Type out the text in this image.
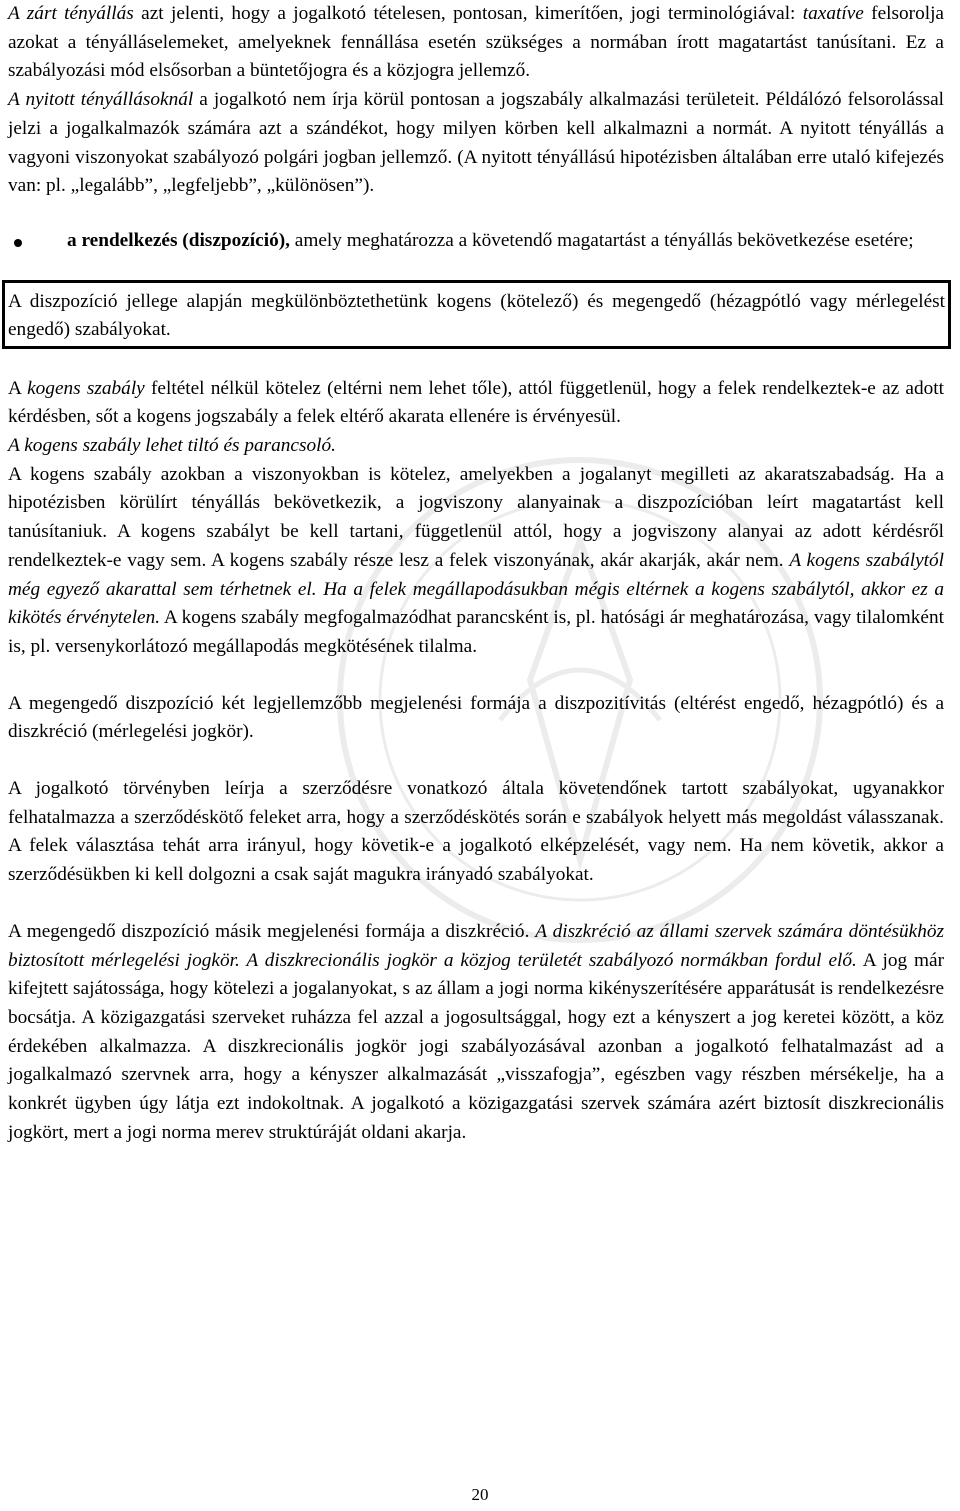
A zárt tényállás azt jelenti, hogy a jogalkotó tételesen, pontosan, kimerítően, jogi terminológiával: taxatíve felsorolja azokat a tényálláselemeket, amelyeknek fennállása esetén szükséges a normában írott magatartást tanúsítani. Ez a szabályozási mód elsősorban a büntetőjogra és a közjogra jellemző.

A nyitott tényállásoknál a jogalkotó nem írja körül pontosan a jogszabály alkalmazási területeit. Példálózó felsorolással jelzi a jogalkalmazók számára azt a szándékot, hogy milyen körben kell alkalmazni a normát. A nyitott tényállás a vagyoni viszonyokat szabályozó polgári jogban jellemző. (A nyitott tényállású hipotézisben általában erre utaló kifejezés van: pl. „legalább”, „legfeljebb”, „különösen”).

a rendelkezés (diszpozíció), amely meghatározza a követendő magatartást a tényállás bekövetkezése esetére;

A diszpozíció jellege alapján megkülönböztethetünk kogens (kötelező) és megengedő (hézagpótló vagy mérlegelést engedő) szabályokat.

A kogens szabály feltétel nélkül kötelez (eltérni nem lehet tőle), attól függetlenül, hogy a felek rendelkeztek-e az adott kérdésben, sőt a kogens jogszabály a felek eltérő akarata ellenére is érvényesül.

A kogens szabály lehet tiltó és parancsoló.

A kogens szabály azokban a viszonyokban is kötelez, amelyekben a jogalanyt megilleti az akaratszabadság. Ha a hipotézisben körülírt tényállás bekövetkezik, a jogviszony alanyainak a diszpozícióban leírt magatartást kell tanúsítaniuk. A kogens szabályt be kell tartani, függetlenül attól, hogy a jogviszony alanyai az adott kérdésről rendelkeztek-e vagy sem. A kogens szabály része lesz a felek viszonyának, akár akarják, akár nem. A kogens szabálytól még egyező akarattal sem térhetnek el. Ha a felek megállapodásukban mégis eltérnek a kogens szabálytól, akkor ez a kikötés érvénytelen. A kogens szabály megfogalmazódhat parancsként is, pl. hatósági ár meghatározása, vagy tilalomként is, pl. versenykorlátozó megállapodás megkötésének tilalma.

A megengedő diszpozíció két legjellemzőbb megjelenési formája a diszpozitívitás (eltérést engedő, hézagpótló) és a diszkréció (mérlegelési jogkör).

A jogalkotó törvényben leírja a szerződésre vonatkozó általa követendőnek tartott szabályokat, ugyanakkor felhatalmazza a szerződéskötő feleket arra, hogy a szerződéskötés során e szabályok helyett más megoldást válasszanak. A felek választása tehát arra irányul, hogy követik-e a jogalkotó elképzelését, vagy nem. Ha nem követik, akkor a szerződésükben ki kell dolgozni a csak saját magukra irányadó szabályokat.

A megengedő diszpozíció másik megjelenési formája a diszkréció. A diszkréció az állami szervek számára döntésükhöz biztosított mérlegelési jogkör. A diszkrecionális jogkör a közjog területét szabályozó normákban fordul elő. A jog már kifejtett sajátossága, hogy kötelezi a jogalanyokat, s az állam a jogi norma kikényszerítésére apparátusát is rendelkezésre bocsátja. A közigazgatási szerveket ruházza fel azzal a jogosultsággal, hogy ezt a kényszert a jog keretei között, a köz érdekében alkalmazza. A diszkrecionális jogkör jogi szabályozásával azonban a jogalkotó felhatalmazást ad a jogalkalmazó szervnek arra, hogy a kényszer alkalmazását „visszafogja”, egészben vagy részben mérsékelje, ha a konkrét ügyben úgy látja ezt indokoltnak. A jogalkotó a közigazgatási szervek számára azért biztosít diszkrecionális jogkört, mert a jogi norma merev struktúráját oldani akarja.

20
